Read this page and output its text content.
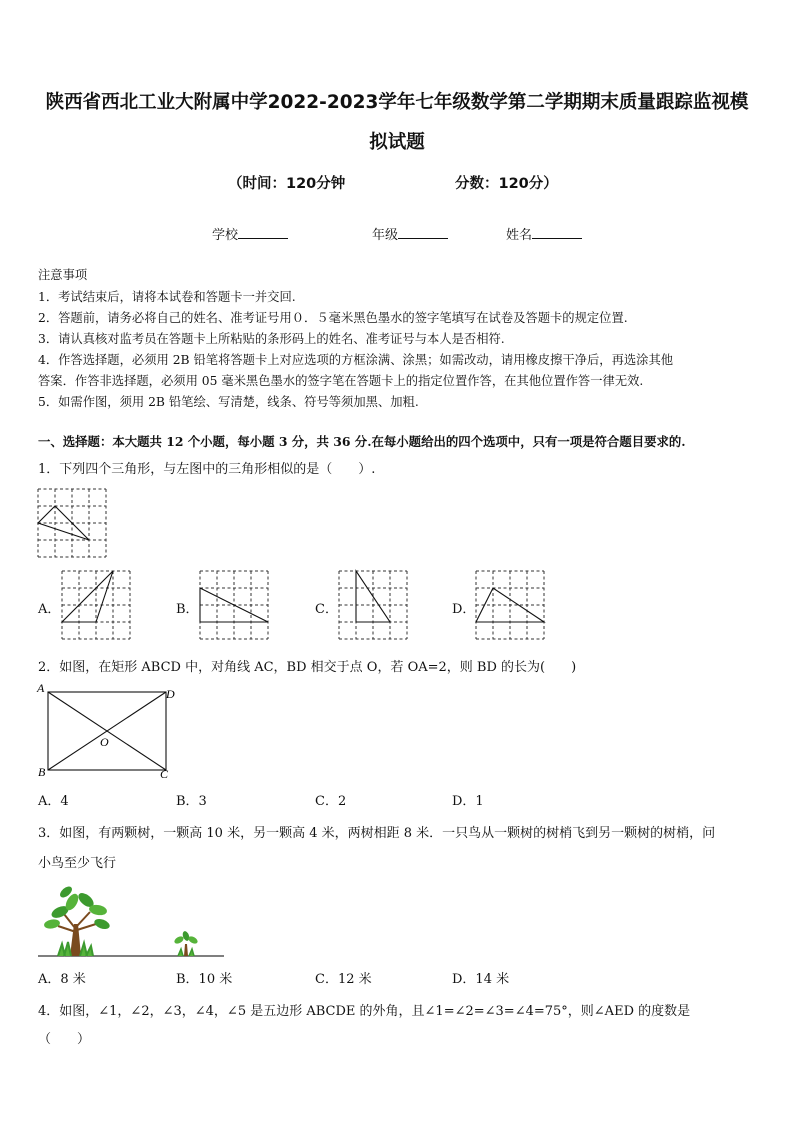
陕西省西北工业大附属中学2022-2023学年七年级数学第二学期期末质量跟踪监视模
拟试题
（时间：120分钟	分数：120分）
学校	年级	姓名
注意事项
1．考试结束后，请将本试卷和答题卡一并交回.
2．答题前，请务必将自己的姓名、准考证号用０．５毫米黑色墨水的签字笔填写在试卷及答题卡的规定位置.
3．请认真核对监考员在答题卡上所粘贴的条形码上的姓名、准考证号与本人是否相符.
4．作答选择题，必须用 2B 铅笔将答题卡上对应选项的方框涂满、涂黑；如需改动，请用橡皮擦干净后，再选涂其他
答案．作答非选择题，必须用 05 毫米黑色墨水的签字笔在答题卡上的指定位置作答，在其他位置作答一律无效.
5．如需作图，须用 2B 铅笔绘、写清楚，线条、符号等须加黑、加粗.
一、选择题：本大题共 12 个小题，每小题 3 分，共 36 分.在每小题给出的四个选项中，只有一项是符合题目要求的.
1．下列四个三角形，与左图中的三角形相似的是（　　）.
A．	B．	C．	D．
2．如图，在矩形 ABCD 中，对角线 AC，BD 相交于点 O，若 OA=2，则 BD 的长为(　　)
A	D
B	C
O
A．4	B．3	C．2	D．1
3．如图，有两颗树，一颗高 10 米，另一颗高 4 米，两树相距 8 米．一只鸟从一颗树的树梢飞到另一颗树的树梢，问
小鸟至少飞行
A．8 米	B．10 米	C．12 米	D．14 米
4．如图，∠1，∠2，∠3，∠4，∠5 是五边形 ABCDE 的外角，且∠1=∠2=∠3=∠4=75°，则∠AED 的度数是
（　　）
